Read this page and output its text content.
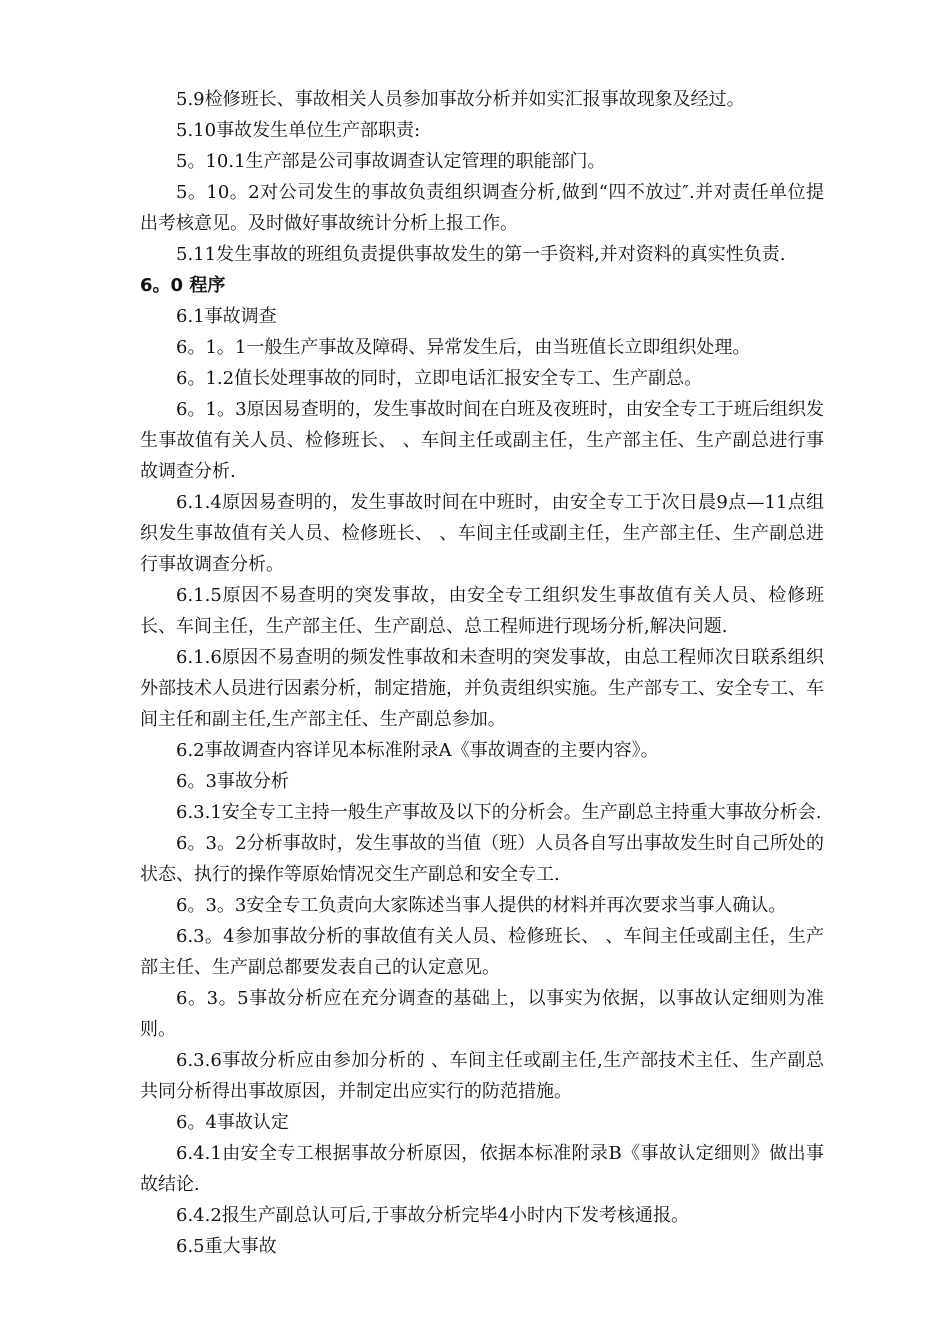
5.9检修班长、事故相关人员参加事故分析并如实汇报事故现象及经过。

5.10事故发生单位生产部职责:

5。10.1生产部是公司事故调查认定管理的职能部门。

5。10。2对公司发生的事故负责组织调查分析,做到“四不放过″.并对责任单位提出考核意见。及时做好事故统计分析上报工作。

5.11发生事故的班组负责提供事故发生的第一手资料,并对资料的真实性负责.

6。0 程序

6.1事故调查

6。1。1一般生产事故及障碍、异常发生后，由当班值长立即组织处理。

6。1.2值长处理事故的同时，立即电话汇报安全专工、生产副总。

6。1。3原因易查明的，发生事故时间在白班及夜班时，由安全专工于班后组织发生事故值有关人员、检修班长、 、车间主任或副主任，生产部主任、生产副总进行事故调查分析.

6.1.4原因易查明的，发生事故时间在中班时，由安全专工于次日晨9点—11点组织发生事故值有关人员、检修班长、 、车间主任或副主任，生产部主任、生产副总进行事故调查分析。

6.1.5原因不易查明的突发事故，由安全专工组织发生事故值有关人员、检修班长、车间主任，生产部主任、生产副总、总工程师进行现场分析,解决问题.

6.1.6原因不易查明的频发性事故和未查明的突发事故，由总工程师次日联系组织外部技术人员进行因素分析，制定措施，并负责组织实施。生产部专工、安全专工、车间主任和副主任,生产部主任、生产副总参加。

6.2事故调查内容详见本标准附录A《事故调查的主要内容》。

6。3事故分析

6.3.1安全专工主持一般生产事故及以下的分析会。生产副总主持重大事故分析会.

6。3。2分析事故时，发生事故的当值（班）人员各自写出事故发生时自己所处的状态、执行的操作等原始情况交生产副总和安全专工.

6。3。3安全专工负责向大家陈述当事人提供的材料并再次要求当事人确认。

6.3。4参加事故分析的事故值有关人员、检修班长、 、车间主任或副主任，生产部主任、生产副总都要发表自己的认定意见。

6。3。5事故分析应在充分调查的基础上，以事实为依据，以事故认定细则为准则。

6.3.6事故分析应由参加分析的 、车间主任或副主任,生产部技术主任、生产副总共同分析得出事故原因，并制定出应实行的防范措施。

6。4事故认定

6.4.1由安全专工根据事故分析原因，依据本标准附录B《事故认定细则》做出事故结论.

6.4.2报生产副总认可后,于事故分析完毕4小时内下发考核通报。

6.5重大事故
